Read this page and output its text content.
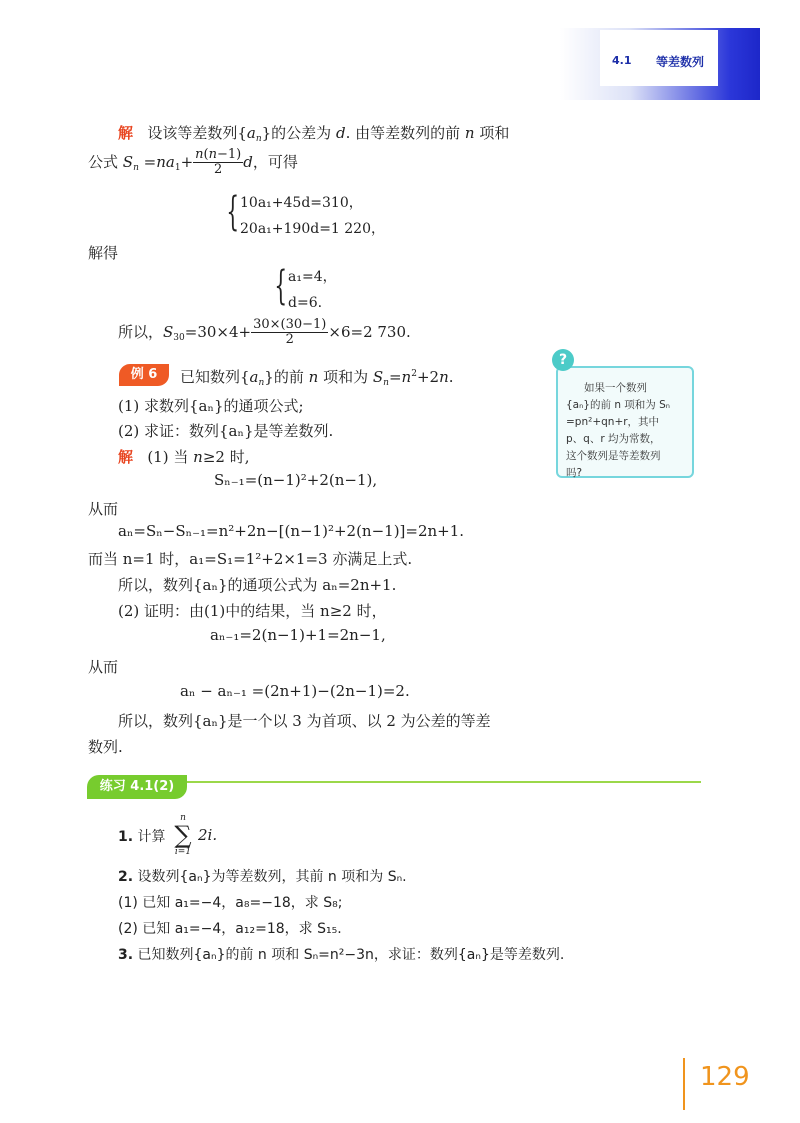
4.1 等差数列
解 设该等差数列$\{a_n\}$的公差为 d. 由等差数列的前 n 项和
公式 $S_n =na_1+ \frac{n(n-1)}{2}$ d，可得
{ 10a₁+45d=310，
20a₁+190d=1 220，
解得
{ a₁=4，
d=6.
所以，$S_{30}=30\times 4+ \frac{30\times(30-1)}{2} \times 6=2$ 730.
例 6	已知数列$\{a_n\}$的前 n 项和为 $S_n=n^2+2n$.
(1) 求数列{aₙ}的通项公式;
(2) 求证：数列{aₙ}是等差数列.
解 (1) 当 n≥2 时,
Sₙ₋₁=(n−1)²+2(n−1),
从而
aₙ=Sₙ−Sₙ₋₁=n²+2n−[(n−1)²+2(n−1)]=2n+1.
而当 n=1 时，a₁=S₁=1²+2×1=3 亦满足上式.
所以，数列{aₙ}的通项公式为 aₙ=2n+1.
(2) 证明：由(1)中的结果，当 n≥2 时，
aₙ₋₁=2(n−1)+1=2n−1,
从而
aₙ − aₙ₋₁ =(2n+1)−(2n−1)=2.
所以，数列{aₙ}是一个以 3 为首项、以 2 为公差的等差
数列.
如果一个数列
{aₙ}的前 n 项和为 Sₙ
=pn²+qn+r，其中
p、q、r 均为常数，
这个数列是等差数列
吗?
?
练习 4.1(2)
1. 计算
n
∑
i=1
2i.
2. 设数列{aₙ}为等差数列，其前 n 项和为 Sₙ.
(1) 已知 a₁=−4，a₈=−18，求 S₈;
(2) 已知 a₁=−4，a₁₂=18，求 S₁₅.
3. 已知数列{aₙ}的前 n 项和 Sₙ=n²−3n，求证：数列{aₙ}是等差数列.
129
